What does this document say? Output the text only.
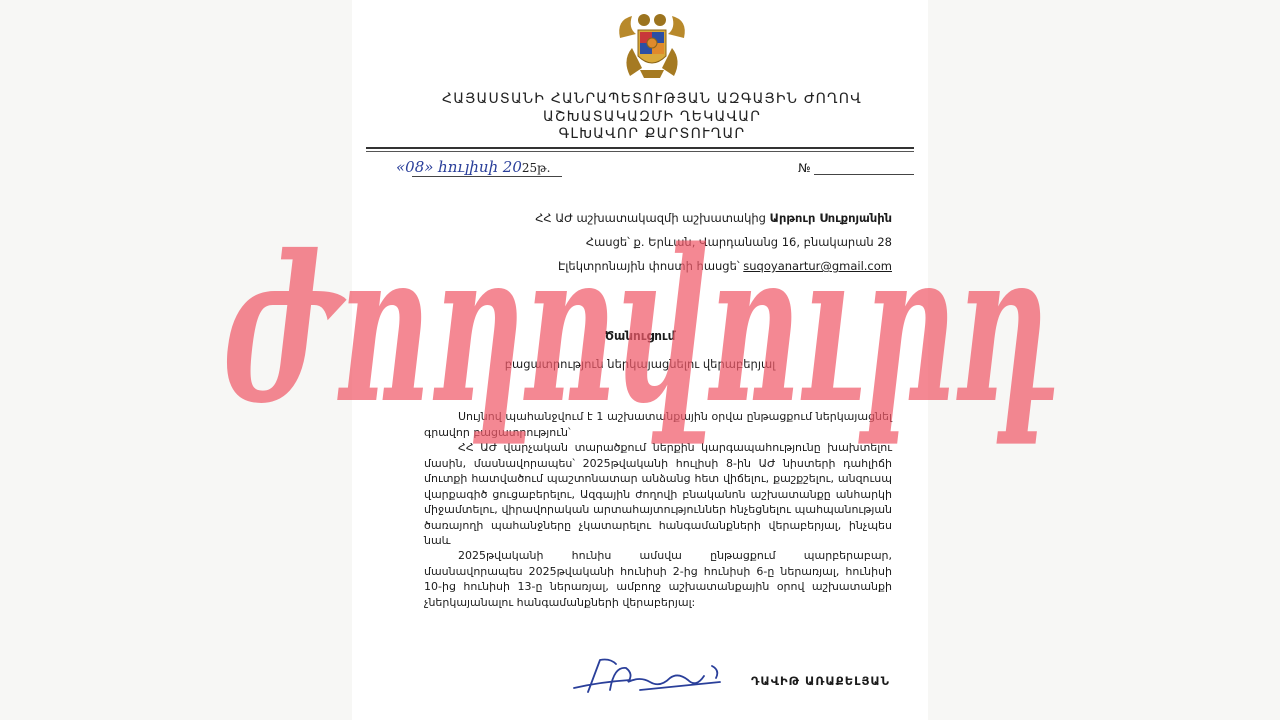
ՀԱՅԱՍՏԱՆԻ ՀԱՆՐԱՊԵՏՈՒԹՅԱՆ ԱԶԳԱՅԻՆ ԺՈՂՈՎ
ԱՇԽԱՏԱԿԱԶՄԻ ՂԵԿԱՎԱՐ
ԳԼԽԱՎՈՐ ՔԱՐՏՈՒՂԱՐ
«08» հուլիսի 2025թ.	№
ՀՀ ԱԺ աշխատակազմի աշխատակից Արթուր Սուքոյանին
Հասցե՝ ք. Երևան, Վարդանանց 16, բնակարան 28
Էլեկտրոնային փոստի հասցե՝ suqoyanartur@gmail.com
Ծանուցում
բացատրություն ներկայացնելու վերաբերյալ

Սույնով պահանջվում է 1 աշխատանքային օրվա ընթացքում ներկայացնել գրավոր բացատրություն՝

ՀՀ ԱԺ վարչական տարածքում ներքին կարգապահությունը խախտելու մասին, մասնավորապես՝ 2025թվականի հուլիսի 8-ին ԱԺ նիստերի դահլիճի մուտքի հատվածում պաշտոնատար անձանց հետ վիճելու, քաշքշելու, անզուսպ վարքագիծ ցուցաբերելու, Ազգային ժողովի բնականոն աշխատանքը անհարկի միջամտելու, վիրավորական արտահայտություններ հնչեցնելու պահպանության ծառայողի պահանջները չկատարելու հանգամանքների վերաբերյալ, ինչպես նաև

2025թվականի հունիս ամսվա ընթացքում պարբերաբար, մասնավորապես 2025թվականի հունիսի 2-ից հունիսի 6-ը ներառյալ, հունիսի 10-ից հունիսի 13-ը ներառյալ, ամբողջ աշխատանքային օրով աշխատանքի չներկայանալու հանգամանքների վերաբերյալ:

ԴԱՎԻԹ ԱՌԱՔԵԼՅԱՆ
Ժողովուրդ
